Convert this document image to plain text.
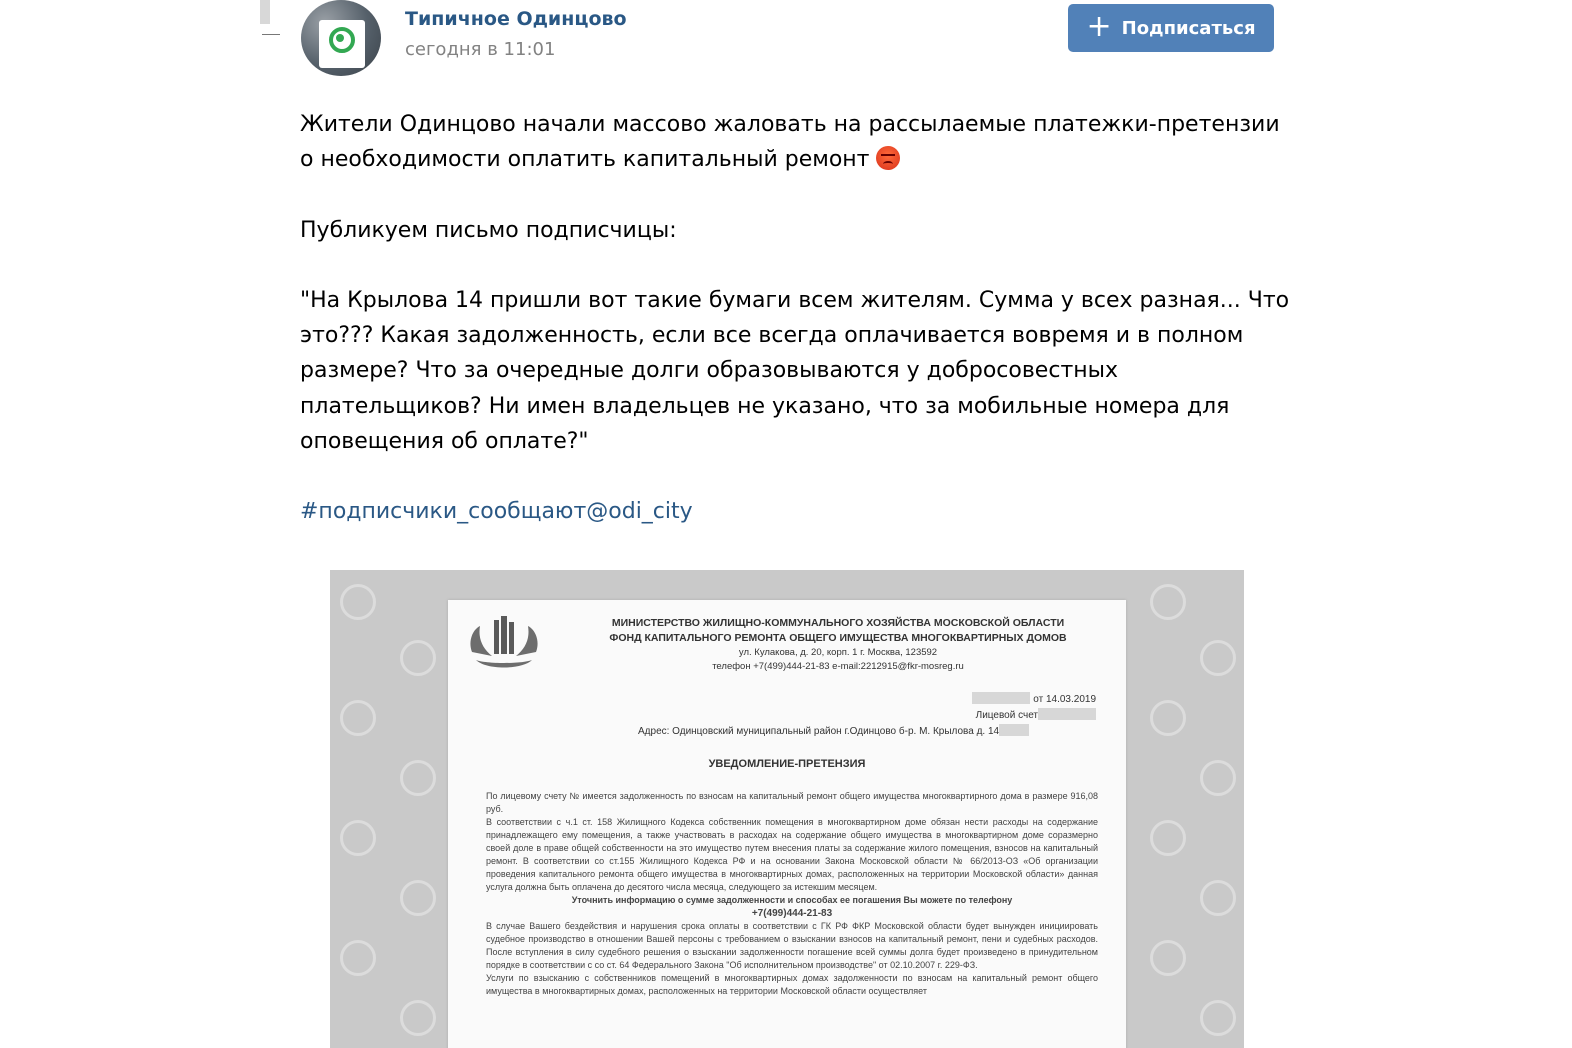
Типичное Одинцово
сегодня в 11:01
+ Подписаться

Жители Одинцово начали массово жаловать на рассылаемые платежки-претензии о необходимости оплатить капитальный ремонт

Публикуем письмо подписчицы:

"На Крылова 14 пришли вот такие бумаги всем жителям. Сумма у всех разная... Что это??? Какая задолженность, если все всегда оплачивается вовремя и в полном размере? Что за очередные долги образовываются у добросовестных плательщиков? Ни имен владельцев не указано, что за мобильные номера для оповещения об оплате?"

#подписчики_сообщают@odi_city

МИНИСТЕРСТВО ЖИЛИЩНО-КОММУНАЛЬНОГО ХОЗЯЙСТВА МОСКОВСКОЙ ОБЛАСТИ
ФОНД КАПИТАЛЬНОГО РЕМОНТА ОБЩЕГО ИМУЩЕСТВА МНОГОКВАРТИРНЫХ ДОМОВ
ул. Кулакова, д. 20, корп. 1 г. Москва, 123592
телефон +7(499)444-21-83 e-mail:2212915@fkr-mosreg.ru
от 14.03.2019
Лицевой счет
Адрес: Одинцовский муниципальный район г.Одинцово б-р. М. Крылова д. 14
УВЕДОМЛЕНИЕ-ПРЕТЕНЗИЯ

По лицевому счету № имеется задолженность по взносам на капитальный ремонт общего имущества многоквартирного дома в размере 916,08 руб.

В соответствии с ч.1 ст. 158 Жилищного Кодекса собственник помещения в многоквартирном доме обязан нести расходы на содержание принадлежащего ему помещения, а также участвовать в расходах на содержание общего имущества в многоквартирном доме соразмерно своей доле в праве общей собственности на это имущество путем внесения платы за содержание жилого помещения, взносов на капитальный ремонт. В соответствии со ст.155 Жилищного Кодекса РФ и на основании Закона Московской области № 66/2013-ОЗ «Об организации проведения капитального ремонта общего имущества в многоквартирных домах, расположенных на территории Московской области» данная услуга должна быть оплачена до десятого числа месяца, следующего за истекшим месяцем.

Уточнить информацию о сумме задолженности и способах ее погашения Вы можете по телефону

+7(499)444-21-83

В случае Вашего бездействия и нарушения срока оплаты в соответствии с ГК РФ ФКР Московской области будет вынужден инициировать судебное производство в отношении Вашей персоны с требованием о взыскании взносов на капитальный ремонт, пени и судебных расходов. После вступления в силу судебного решения о взыскании задолженности погашение всей суммы долга будет произведено в принудительном порядке в соответствии с со ст. 64 Федерального Закона "Об исполнительном производстве" от 02.10.2007 г. 229-ФЗ.

Услуги по взысканию с собственников помещений в многоквартирных домах задолженности по взносам на капитальный ремонт общего имущества в многоквартирных домах, расположенных на территории Московской области осуществляет
